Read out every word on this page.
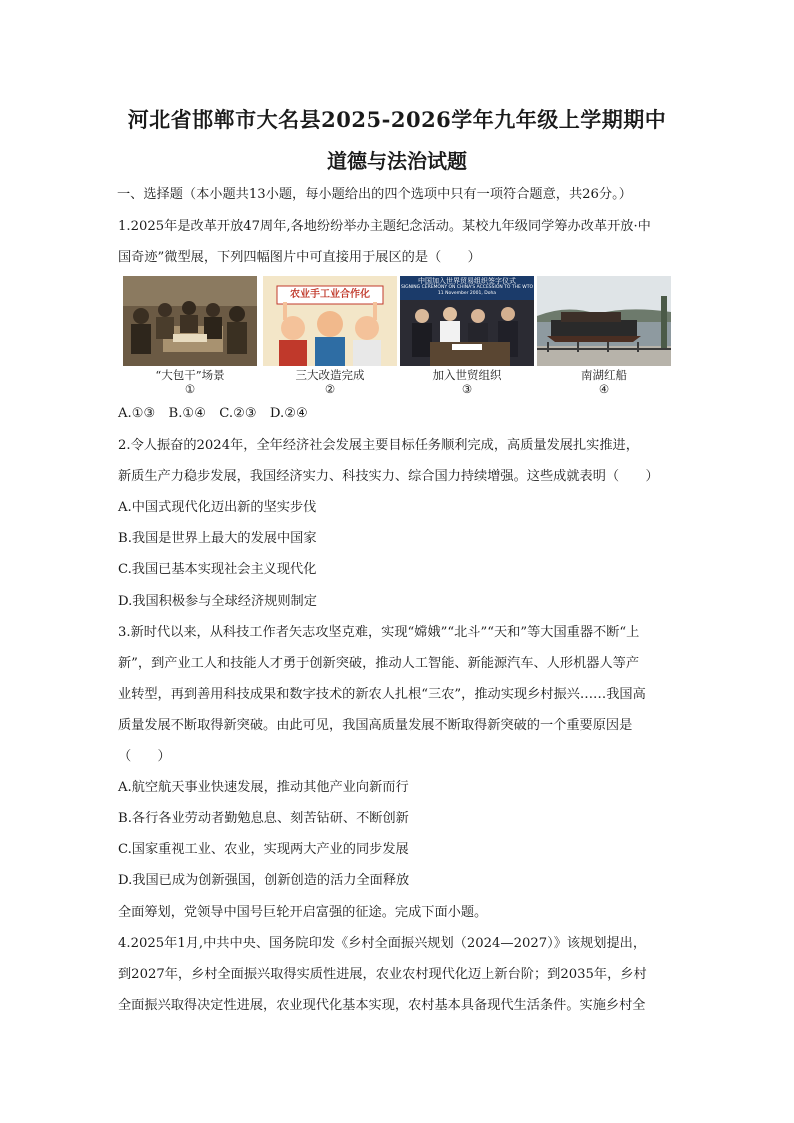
河北省邯郸市大名县2025-2026学年九年级上学期期中
道德与法治试题
一、选择题（本小题共13小题，每小题给出的四个选项中只有一项符合题意，共26分。）
1.2025年是改革开放47周年,各地纷纷举办主题纪念活动。某校九年级同学筹办改革开放·中
国奇迹”微型展，下列四幅图片中可直接用于展区的是（　　）
“大包干”场景
①
农业手工业合作化
三大改造完成
②
中国加入世界贸易组织签字仪式
SIGNING CEREMONY ON CHINA'S ACCESSION TO THE WTO
11 November 2001, Doha
加入世贸组织
③
南湖红船
④
A.①③　B.①④　C.②③　D.②④
2.令人振奋的2024年，全年经济社会发展主要目标任务顺利完成，高质量发展扎实推进，
新质生产力稳步发展，我国经济实力、科技实力、综合国力持续增强。这些成就表明（　　）
A.中国式现代化迈出新的坚实步伐
B.我国是世界上最大的发展中国家
C.我国已基本实现社会主义现代化
D.我国积极参与全球经济规则制定
3.新时代以来，从科技工作者矢志攻坚克难，实现“嫦娥”“北斗”“天和”等大国重器不断“上
新”，到产业工人和技能人才勇于创新突破，推动人工智能、新能源汽车、人形机器人等产
业转型，再到善用科技成果和数字技术的新农人扎根“三农”，推动实现乡村振兴……我国高
质量发展不断取得新突破。由此可见，我国高质量发展不断取得新突破的一个重要原因是
（　　）
A.航空航天事业快速发展，推动其他产业向新而行
B.各行各业劳动者勤勉息息、刻苦钻研、不断创新
C.国家重视工业、农业，实现两大产业的同步发展
D.我国已成为创新强国，创新创造的活力全面释放
全面筹划，党领导中国号巨轮开启富强的征途。完成下面小题。
4.2025年1月,中共中央、国务院印发《乡村全面振兴规划（2024—2027）》该规划提出，
到2027年，乡村全面振兴取得实质性进展，农业农村现代化迈上新台阶；到2035年，乡村
全面振兴取得决定性进展，农业现代化基本实现，农村基本具备现代生活条件。实施乡村全
